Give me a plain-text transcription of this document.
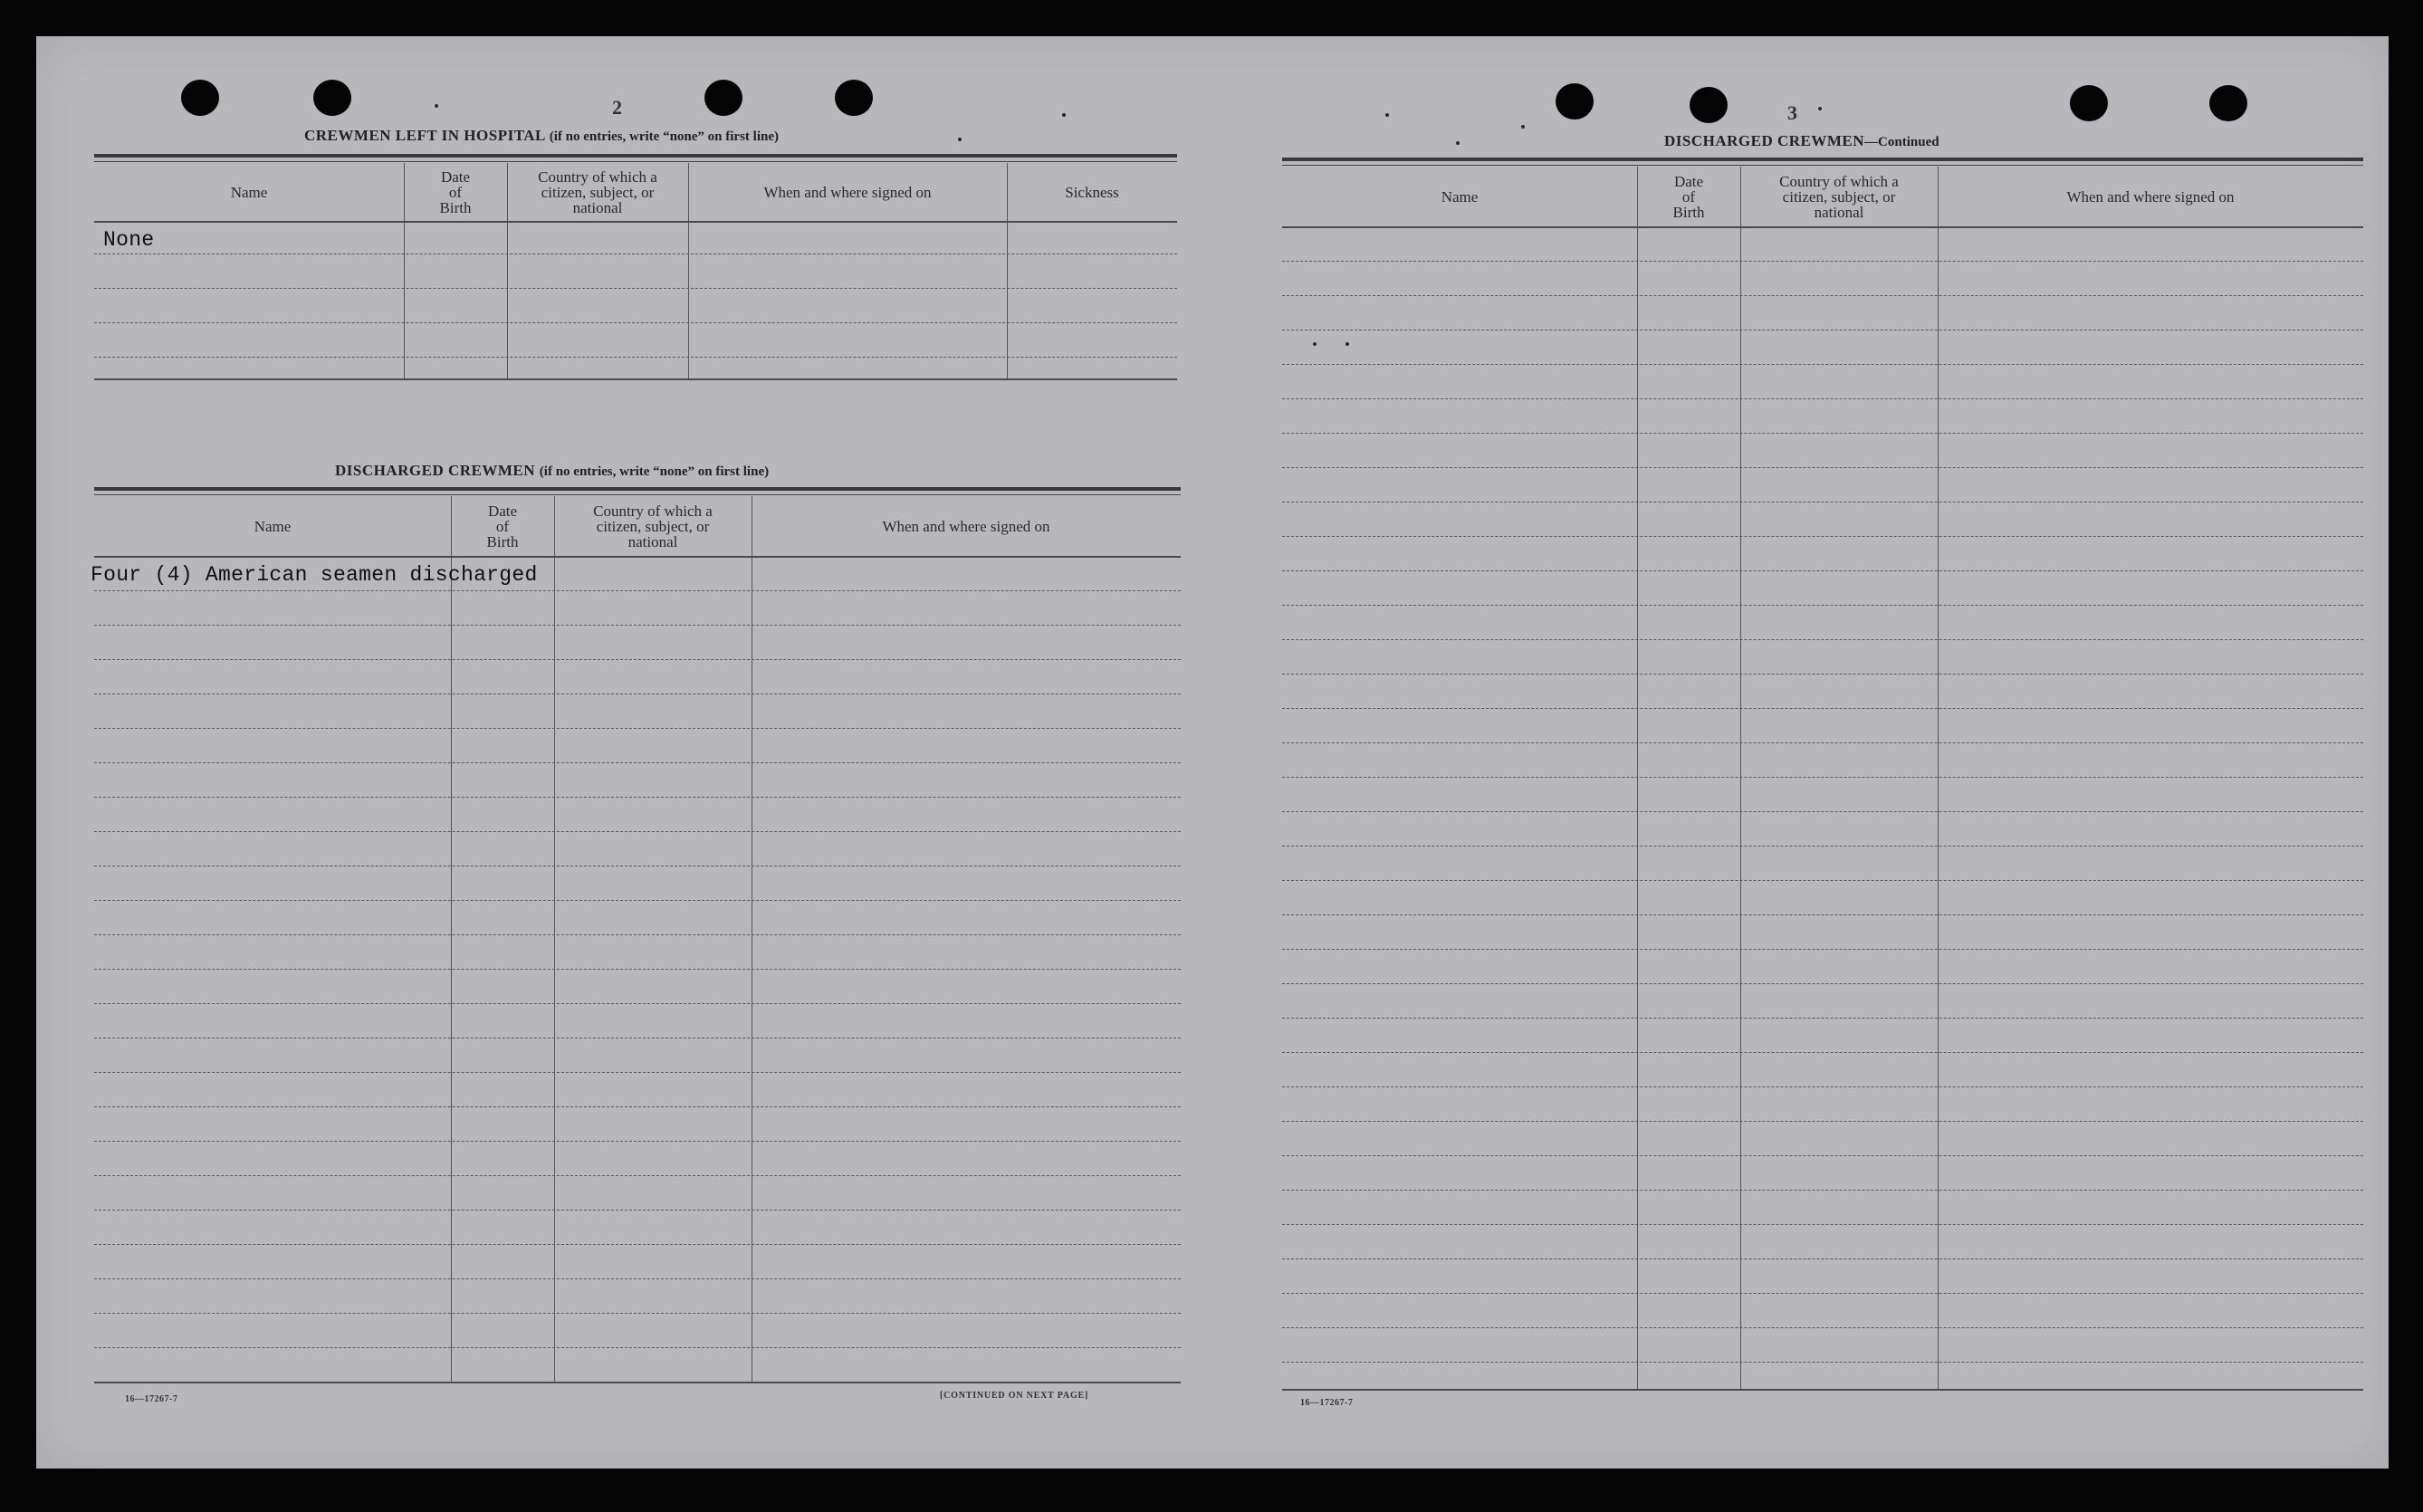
2
CREWMEN LEFT IN HOSPITAL (if no entries, write “none” on first line)
Name
Date
of
Birth
Country of which a
citizen, subject, or
national
When and where signed on	Sickness
None
DISCHARGED CREWMEN (if no entries, write “none” on first line)
Name
Date
of
Birth
Country of which a
citizen, subject, or
national
When and where signed on
Four (4) American seamen discharged
16—17267-7	[CONTINUED ON NEXT PAGE]
3
DISCHARGED CREWMEN—Continued
Name
Date
of
Birth
Country of which a
citizen, subject, or
national
When and where signed on
16—17267-7
